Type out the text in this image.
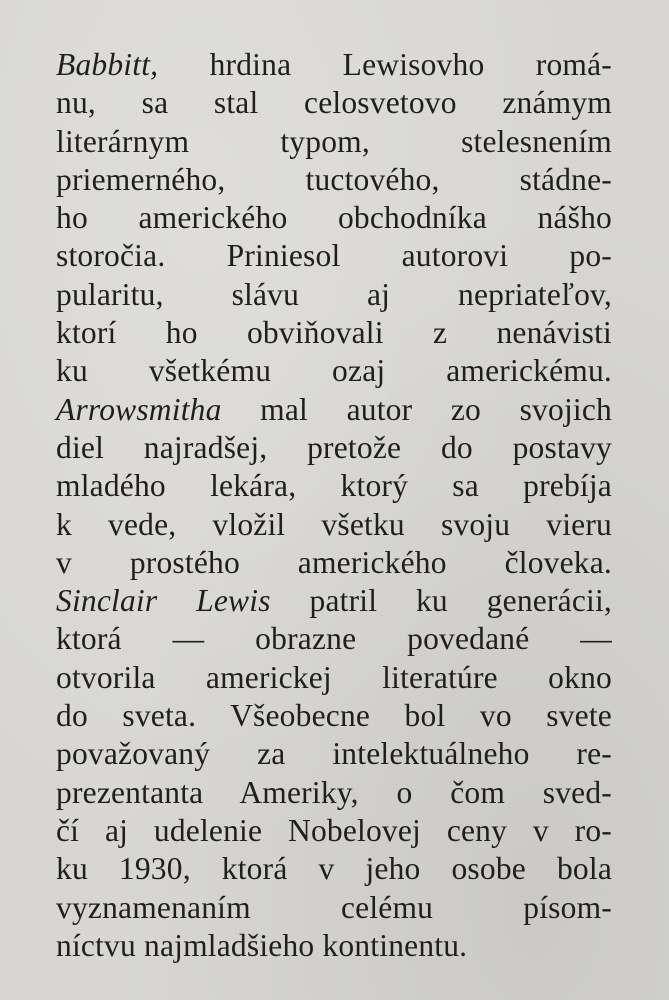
Babbitt, hrdina Lewisovho romá-
nu, sa stal celosvetovo známym
literárnym typom, stelesnením
priemerného, tuctového, stádne-
ho amerického obchodníka nášho
storočia. Priniesol autorovi po-
pularitu, slávu aj nepriateľov,
ktorí ho obviňovali z nenávisti
ku všetkému ozaj americkému.
Arrowsmitha mal autor zo svojich
diel najradšej, pretože do postavy
mladého lekára, ktorý sa prebíja
k vede, vložil všetku svoju vieru
v prostého amerického človeka.
Sinclair Lewis patril ku generácii,
ktorá — obrazne povedané —
otvorila americkej literatúre okno
do sveta. Všeobecne bol vo svete
považovaný za intelektuálneho re-
prezentanta Ameriky, o čom sved-
čí aj udelenie Nobelovej ceny v ro-
ku 1930, ktorá v jeho osobe bola
vyznamenaním celému písom-
níctvu najmladšieho kontinentu.
